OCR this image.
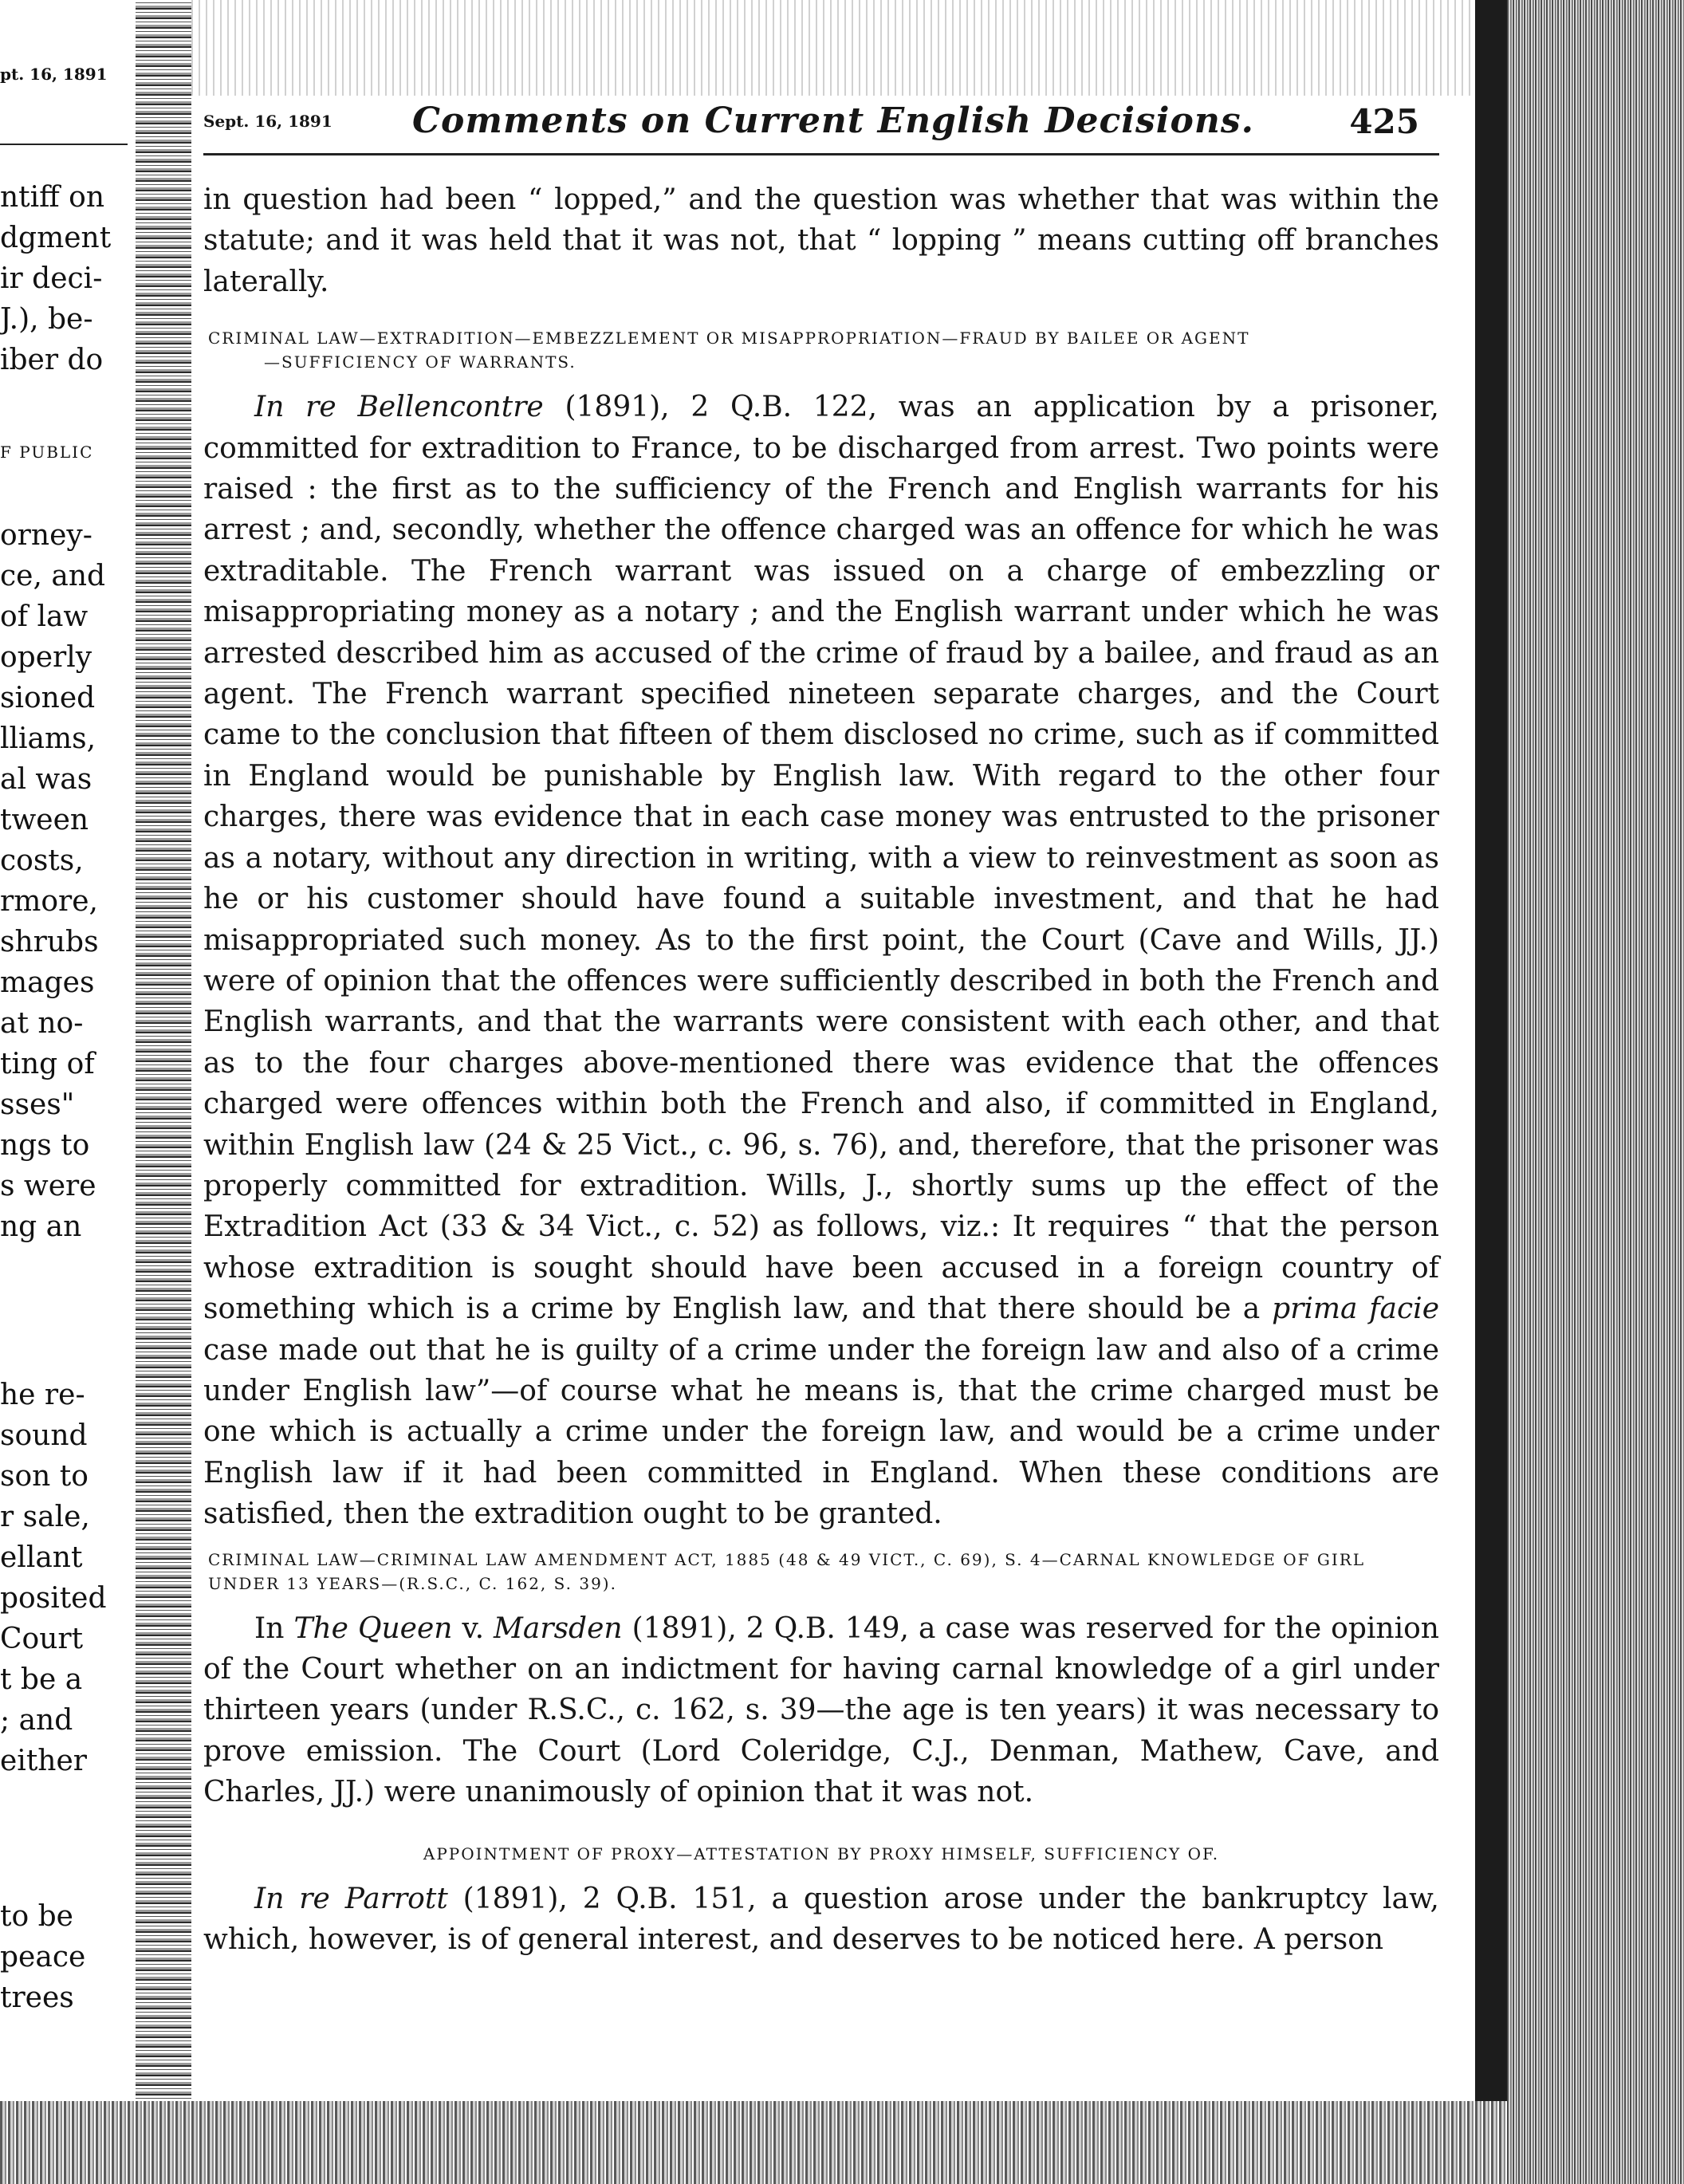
pt. 16, 1891
ntiff on
dgment
ir deci-
J.), be-
iber do
F PUBLIC
orney-
ce, and
of law
operly
sioned
lliams,
al was
tween
costs,
rmore,
shrubs
mages
at no-
ting of
sses"
ngs to
s were
ng an
he re-
sound
son to
r sale,
ellant
posited
Court
t be a
; and
either
to be
peace
trees
Sept. 16, 1891	Comments on Current English Decisions.	425

in question had been “ lopped,” and the question was whether that was within the statute; and it was held that it was not, that “ lopping ” means cutting off branches laterally.

CRIMINAL LAW—EXTRADITION—EMBEZZLEMENT OR MISAPPROPRIATION—FRAUD BY BAILEE OR AGENT
—SUFFICIENCY OF WARRANTS.

In re Bellencontre (1891), 2 Q.B. 122, was an application by a prisoner, committed for extradition to France, to be discharged from arrest. Two points were raised : the first as to the sufficiency of the French and English warrants for his arrest ; and, secondly, whether the offence charged was an offence for which he was extraditable. The French warrant was issued on a charge of embezzling or misappropriating money as a notary ; and the English warrant under which he was arrested described him as accused of the crime of fraud by a bailee, and fraud as an agent. The French warrant specified nineteen separate charges, and the Court came to the conclusion that fifteen of them disclosed no crime, such as if committed in England would be punishable by English law. With regard to the other four charges, there was evidence that in each case money was entrusted to the prisoner as a notary, without any direction in writing, with a view to reinvestment as soon as he or his customer should have found a suitable investment, and that he had misappropriated such money. As to the first point, the Court (Cave and Wills, JJ.) were of opinion that the offences were sufficiently described in both the French and English warrants, and that the warrants were consistent with each other, and that as to the four charges above-mentioned there was evidence that the offences charged were offences within both the French and also, if committed in England, within English law (24 & 25 Vict., c. 96, s. 76), and, therefore, that the prisoner was properly committed for extradition. Wills, J., shortly sums up the effect of the Extradition Act (33 & 34 Vict., c. 52) as follows, viz.: It requires “ that the person whose extradition is sought should have been accused in a foreign country of something which is a crime by English law, and that there should be a prima facie case made out that he is guilty of a crime under the foreign law and also of a crime under English law”—of course what he means is, that the crime charged must be one which is actually a crime under the foreign law, and would be a crime under English law if it had been committed in England. When these conditions are satisfied, then the extradition ought to be granted.

CRIMINAL LAW—CRIMINAL LAW AMENDMENT ACT, 1885 (48 & 49 VICT., C. 69), S. 4—CARNAL KNOWLEDGE OF GIRL UNDER 13 YEARS—(R.S.C., C. 162, S. 39).

In The Queen v. Marsden (1891), 2 Q.B. 149, a case was reserved for the opinion of the Court whether on an indictment for having carnal knowledge of a girl under thirteen years (under R.S.C., c. 162, s. 39—the age is ten years) it was necessary to prove emission. The Court (Lord Coleridge, C.J., Denman, Mathew, Cave, and Charles, JJ.) were unanimously of opinion that it was not.

APPOINTMENT OF PROXY—ATTESTATION BY PROXY HIMSELF, SUFFICIENCY OF.

In re Parrott (1891), 2 Q.B. 151, a question arose under the bankruptcy law, which, however, is of general interest, and deserves to be noticed here. A person
